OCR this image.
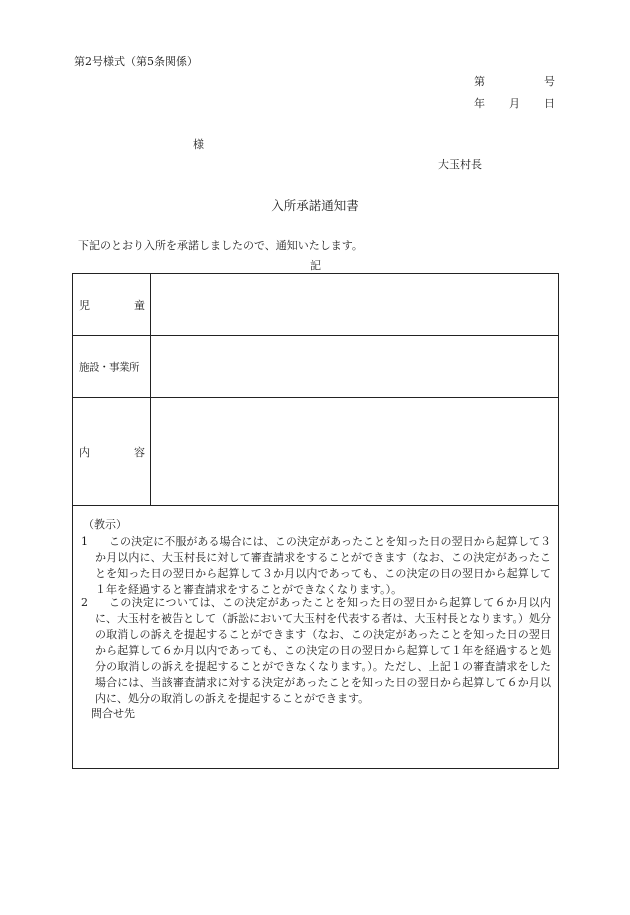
第2号様式（第5条関係）
第	号
年 月 日
様
大玉村長
入所承諾通知書
下記のとおり入所を承諾しましたので、通知いたします。
記
児	童
施設・事業所
内	容
（教示）
1	この決定に不服がある場合には、この決定があったことを知った日の翌日から起算して３か月以内に、大玉村長に対して審査請求をすることができます（なお、この決定があったことを知った日の翌日から起算して３か月以内であっても、この決定の日の翌日から起算して１年を経過すると審査請求をすることができなくなります。）。
2	この決定については、この決定があったことを知った日の翌日から起算して６か月以内に、大玉村を被告として（訴訟において大玉村を代表する者は、大玉村長となります。）処分の取消しの訴えを提起することができます（なお、この決定があったことを知った日の翌日から起算して６か月以内であっても、この決定の日の翌日から起算して１年を経過すると処分の取消しの訴えを提起することができなくなります。）。ただし、上記１の審査請求をした場合には、当該審査請求に対する決定があったことを知った日の翌日から起算して６か月以内に、処分の取消しの訴えを提起することができます。
問合せ先
